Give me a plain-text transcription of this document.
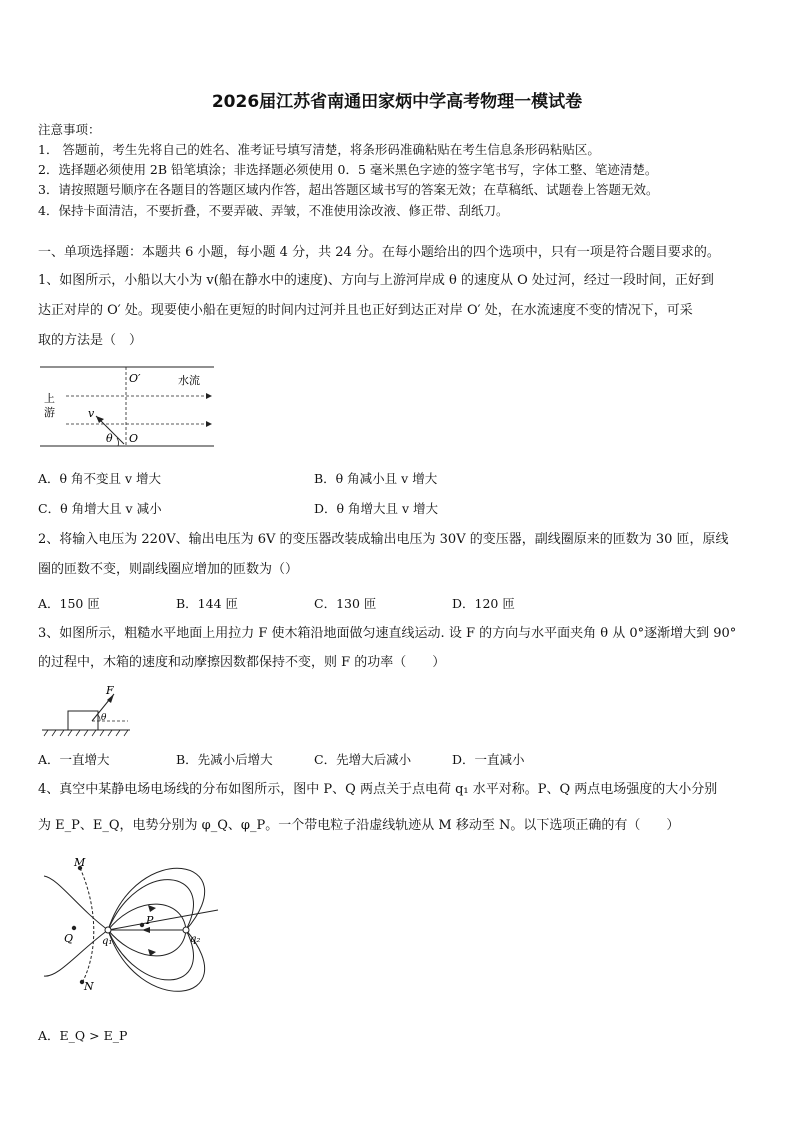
2026届江苏省南通田家炳中学高考物理一模试卷
注意事项：
1． 答题前，考生先将自己的姓名、准考证号填写清楚，将条形码准确粘贴在考生信息条形码粘贴区。
2．选择题必须使用 2B 铅笔填涂；非选择题必须使用 0．5 毫米黑色字迹的签字笔书写，字体工整、笔迹清楚。
3．请按照题号顺序在各题目的答题区域内作答，超出答题区域书写的答案无效；在草稿纸、试题卷上答题无效。
4．保持卡面清洁，不要折叠，不要弄破、弄皱，不准使用涂改液、修正带、刮纸刀。
一、单项选择题：本题共 6 小题，每小题 4 分，共 24 分。在每小题给出的四个选项中，只有一项是符合题目要求的。
1、如图所示，小船以大小为 v(船在静水中的速度)、方向与上游河岸成 θ 的速度从 O 处过河，经过一段时间，正好到
达正对岸的 O′ 处。现要使小船在更短的时间内过河并且也正好到达正对岸 O′ 处，在水流速度不变的情况下，可采
取的方法是（　）
O′	水流
上
游	v
θ O
A．θ 角不变且 v 增大	B．θ 角减小且 v 增大
C．θ 角增大且 v 减小	D．θ 角增大且 v 增大
2、将输入电压为 220V、输出电压为 6V 的变压器改装成输出电压为 30V 的变压器，副线圈原来的匝数为 30 匝，原线
圈的匝数不变，则副线圈应增加的匝数为（）
A．150 匝	B．144 匝	C．130 匝	D．120 匝
3、如图所示，粗糙水平地面上用拉力 F 使木箱沿地面做匀速直线运动. 设 F 的方向与水平面夹角 θ 从 0°逐渐增大到 90°
的过程中，木箱的速度和动摩擦因数都保持不变，则 F 的功率（　　）
F
θ
A．一直增大	B．先减小后增大	C．先增大后减小	D．一直减小
4、真空中某静电场电场线的分布如图所示，图中 P、Q 两点关于点电荷 q₁ 水平对称。P、Q 两点电场强度的大小分别
为 E_P、E_Q，电势分别为 φ_Q、φ_P。一个带电粒子沿虚线轨迹从 M 移动至 N。以下选项正确的有（　　）
M
P
Q	q₁	q₂
N
A．E_Q > E_P
